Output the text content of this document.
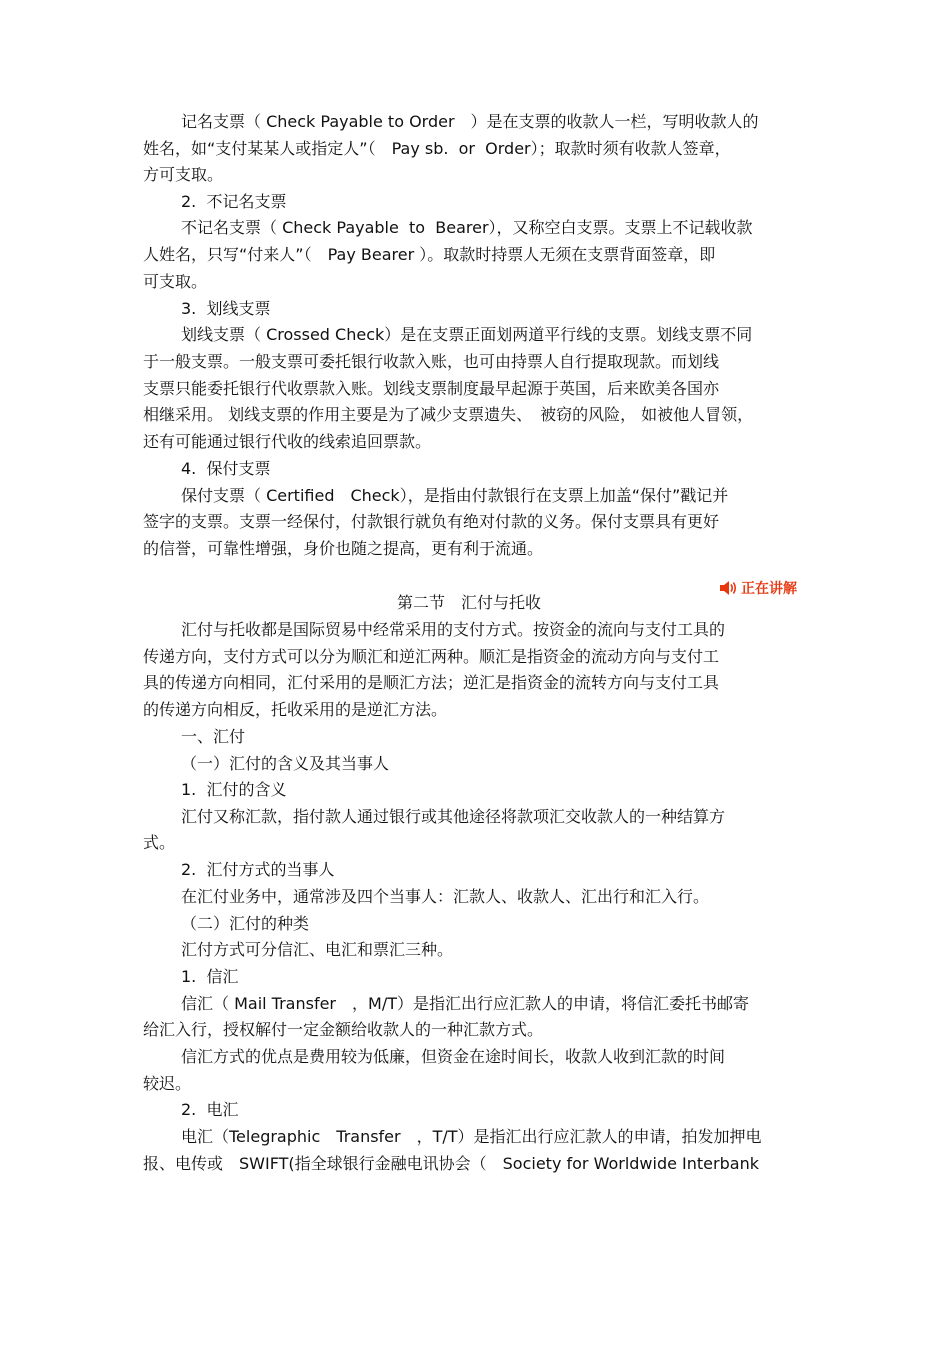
记名支票（ Check Payable to Order　）是在支票的收款人一栏，写明收款人的
姓名，如“支付某某人或指定人”（　Pay sb.  or  Order）；取款时须有收款人签章，
方可支取。
2.  不记名支票
不记名支票（ Check Payable  to  Bearer），又称空白支票。支票上不记载收款
人姓名，只写“付来人”（　Pay Bearer ）。取款时持票人无须在支票背面签章，即
可支取。
3.  划线支票
划线支票（ Crossed Check）是在支票正面划两道平行线的支票。划线支票不同
于一般支票。一般支票可委托银行收款入账，也可由持票人自行提取现款。而划线
支票只能委托银行代收票款入账。划线支票制度最早起源于英国，后来欧美各国亦
相继采用。 划线支票的作用主要是为了减少支票遗失、　被窃的风险， 如被他人冒领，
还有可能通过银行代收的线索追回票款。
4.  保付支票
保付支票（ Certified　Check），是指由付款银行在支票上加盖“保付”戳记并
签字的支票。支票一经保付，付款银行就负有绝对付款的义务。保付支票具有更好
的信誉，可靠性增强，身价也随之提高，更有利于流通。
第二节　汇付与托收
汇付与托收都是国际贸易中经常采用的支付方式。按资金的流向与支付工具的
传递方向，支付方式可以分为顺汇和逆汇两种。顺汇是指资金的流动方向与支付工
具的传递方向相同，汇付采用的是顺汇方法；逆汇是指资金的流转方向与支付工具
的传递方向相反，托收采用的是逆汇方法。
一、汇付
（一）汇付的含义及其当事人
1.  汇付的含义
汇付又称汇款，指付款人通过银行或其他途径将款项汇交收款人的一种结算方
式。
2.  汇付方式的当事人
在汇付业务中，通常涉及四个当事人：汇款人、收款人、汇出行和汇入行。
（二）汇付的种类
汇付方式可分信汇、电汇和票汇三种。
1.  信汇
信汇（ Mail Transfer　，M/T）是指汇出行应汇款人的申请，将信汇委托书邮寄
给汇入行，授权解付一定金额给收款人的一种汇款方式。
信汇方式的优点是费用较为低廉，但资金在途时间长，收款人收到汇款的时间
较迟。
2.  电汇
电汇（Telegraphic　Transfer　，T/T）是指汇出行应汇款人的申请，拍发加押电
报、电传或　SWIFT(指全球银行金融电讯协会（　Society for Worldwide Interbank
正在讲解
